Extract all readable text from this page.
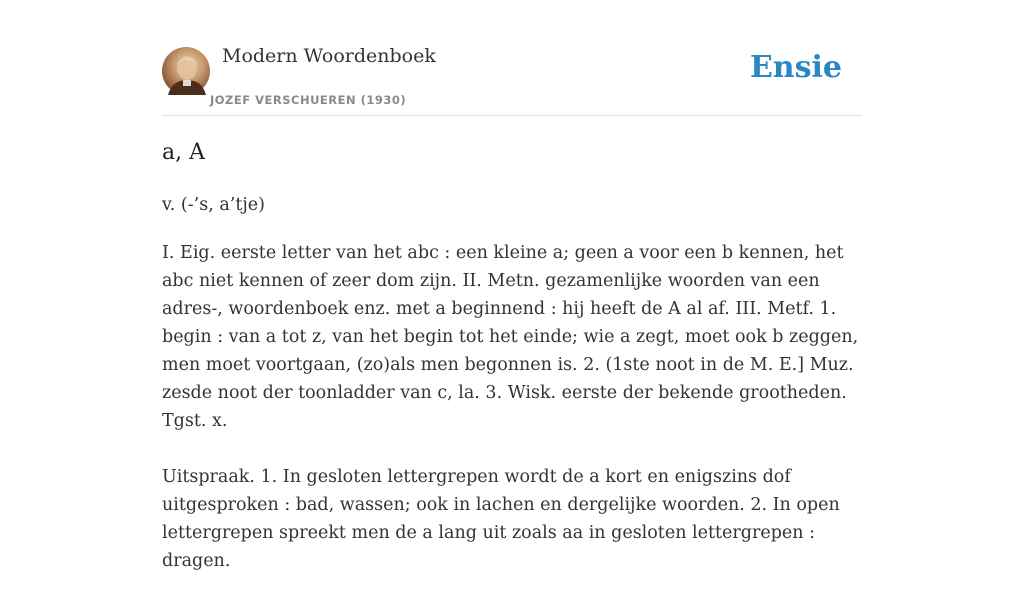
Modern Woordenboek
JOZEF VERSCHUEREN (1930)
Ensie
a, A
v. (-’s, a’tje)

I. Eig. eerste letter van het abc : een kleine a; geen a voor een b kennen, het abc niet kennen of zeer dom zijn. II. Metn. gezamenlijke woorden van een adres-, woordenboek enz. met a beginnend : hij heeft de A al af. III. Metf. 1. begin : van a tot z, van het begin tot het einde; wie a zegt, moet ook b zeggen, men moet voortgaan, (zo)als men begonnen is. 2. (1ste noot in de M. E.] Muz. zesde noot der toonladder van c, la. 3. Wisk. eerste der bekende grootheden. Tgst. x.

Uitspraak. 1. In gesloten lettergrepen wordt de a kort en enigszins dof uitgesproken : bad, wassen; ook in lachen en dergelijke woorden. 2. In open lettergrepen spreekt men de a lang uit zoals aa in gesloten lettergrepen : dragen.
